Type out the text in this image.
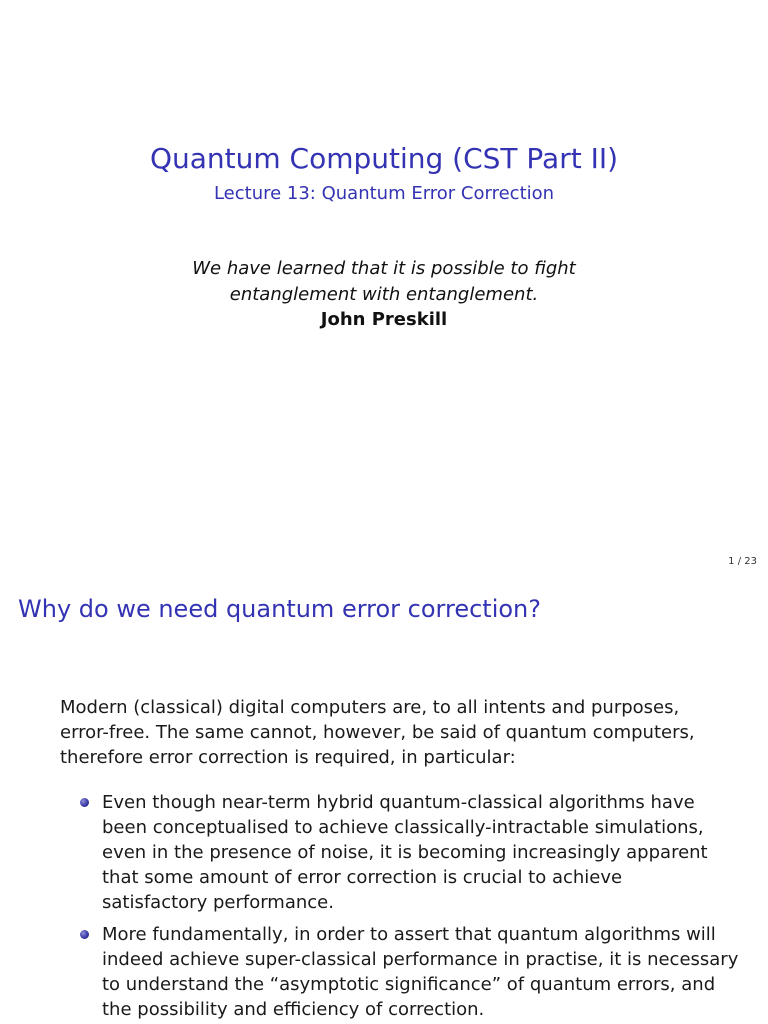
Quantum Computing (CST Part II)
Lecture 13: Quantum Error Correction
We have learned that it is possible to fight
entanglement with entanglement.
John Preskill
1 / 23
Why do we need quantum error correction?
Modern (classical) digital computers are, to all intents and purposes,
error-free. The same cannot, however, be said of quantum computers,
therefore error correction is required, in particular:
Even though near-term hybrid quantum-classical algorithms have
been conceptualised to achieve classically-intractable simulations,
even in the presence of noise, it is becoming increasingly apparent
that some amount of error correction is crucial to achieve
satisfactory performance.
More fundamentally, in order to assert that quantum algorithms will
indeed achieve super-classical performance in practise, it is necessary
to understand the “asymptotic significance” of quantum errors, and
the possibility and efficiency of correction.
